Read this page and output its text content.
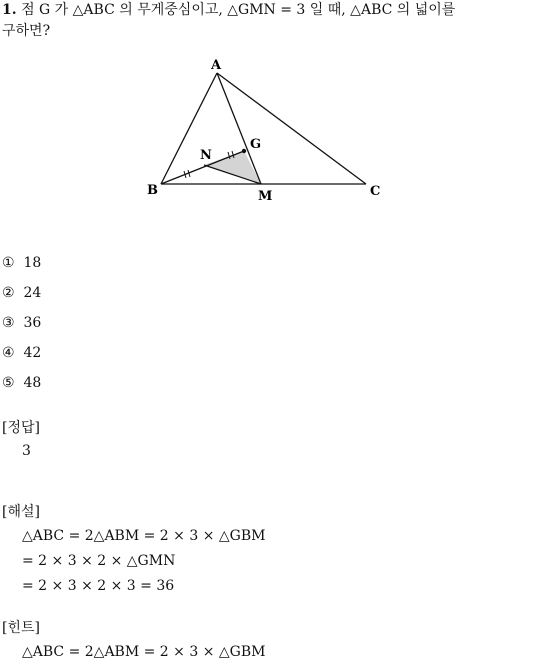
1. 점 G 가 △ABC 의 무게중심이고, △GMN = 3 일 때, △ABC 의 넓이를
구하면?
A
B	C
G
N
M
① 18
② 24
③ 36
④ 42
⑤ 48
[정답]
3
[해설]
△ABC = 2△ABM = 2 × 3 × △GBM
= 2 × 3 × 2 × △GMN
= 2 × 3 × 2 × 3 = 36
[힌트]
△ABC = 2△ABM = 2 × 3 × △GBM
